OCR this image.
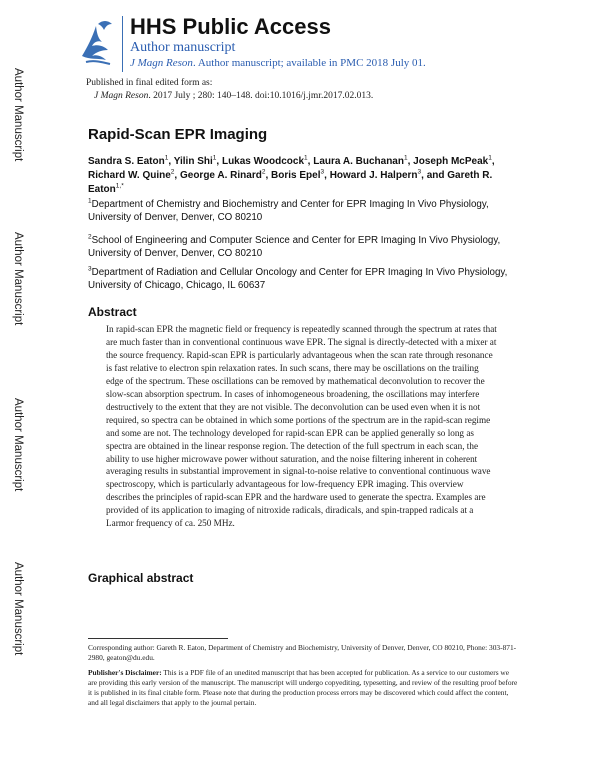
Author Manuscript
Author Manuscript
Author Manuscript
Author Manuscript
HHS Public Access
Author manuscript
J Magn Reson. Author manuscript; available in PMC 2018 July 01.
Published in final edited form as:
J Magn Reson. 2017 July ; 280: 140–148. doi:10.1016/j.jmr.2017.02.013.
Rapid-Scan EPR Imaging
Sandra S. Eaton$^1$, Yilin Shi$^1$, Lukas Woodcock$^1$, Laura A. Buchanan$^1$, Joseph McPeak$^1$, Richard W. Quine$^2$, George A. Rinard$^2$, Boris Epel$^3$, Howard J. Halpern$^3$, and Gareth R. Eaton$^{1,*}$
$^1$Department of Chemistry and Biochemistry and Center for EPR Imaging In Vivo Physiology, University of Denver, Denver, CO 80210
$^2$School of Engineering and Computer Science and Center for EPR Imaging In Vivo Physiology, University of Denver, Denver, CO 80210
$^3$Department of Radiation and Cellular Oncology and Center for EPR Imaging In Vivo Physiology, University of Chicago, Chicago, IL 60637
Abstract
In rapid-scan EPR the magnetic field or frequency is repeatedly scanned through the spectrum at rates that are much faster than in conventional continuous wave EPR. The signal is directly-detected with a mixer at the source frequency. Rapid-scan EPR is particularly advantageous when the scan rate through resonance is fast relative to electron spin relaxation rates. In such scans, there may be oscillations on the trailing edge of the spectrum. These oscillations can be removed by mathematical deconvolution to recover the slow-scan absorption spectrum. In cases of inhomogeneous broadening, the oscillations may interfere destructively to the extent that they are not visible. The deconvolution can be used even when it is not required, so spectra can be obtained in which some portions of the spectrum are in the rapid-scan regime and some are not. The technology developed for rapid-scan EPR can be applied generally so long as spectra are obtained in the linear response region. The detection of the full spectrum in each scan, the ability to use higher microwave power without saturation, and the noise filtering inherent in coherent averaging results in substantial improvement in signal-to-noise relative to conventional continuous wave spectroscopy, which is particularly advantageous for low-frequency EPR imaging. This overview describes the principles of rapid-scan EPR and the hardware used to generate the spectra. Examples are provided of its application to imaging of nitroxide radicals, diradicals, and spin-trapped radicals at a Larmor frequency of ca. 250 MHz.
Graphical abstract
Corresponding author: Gareth R. Eaton, Department of Chemistry and Biochemistry, University of Denver, Denver, CO 80210, Phone: 303-871-2980, geaton@du.edu.
Publisher's Disclaimer: This is a PDF file of an unedited manuscript that has been accepted for publication. As a service to our customers we are providing this early version of the manuscript. The manuscript will undergo copyediting, typesetting, and review of the resulting proof before it is published in its final citable form. Please note that during the production process errors may be discovered which could affect the content, and all legal disclaimers that apply to the journal pertain.
